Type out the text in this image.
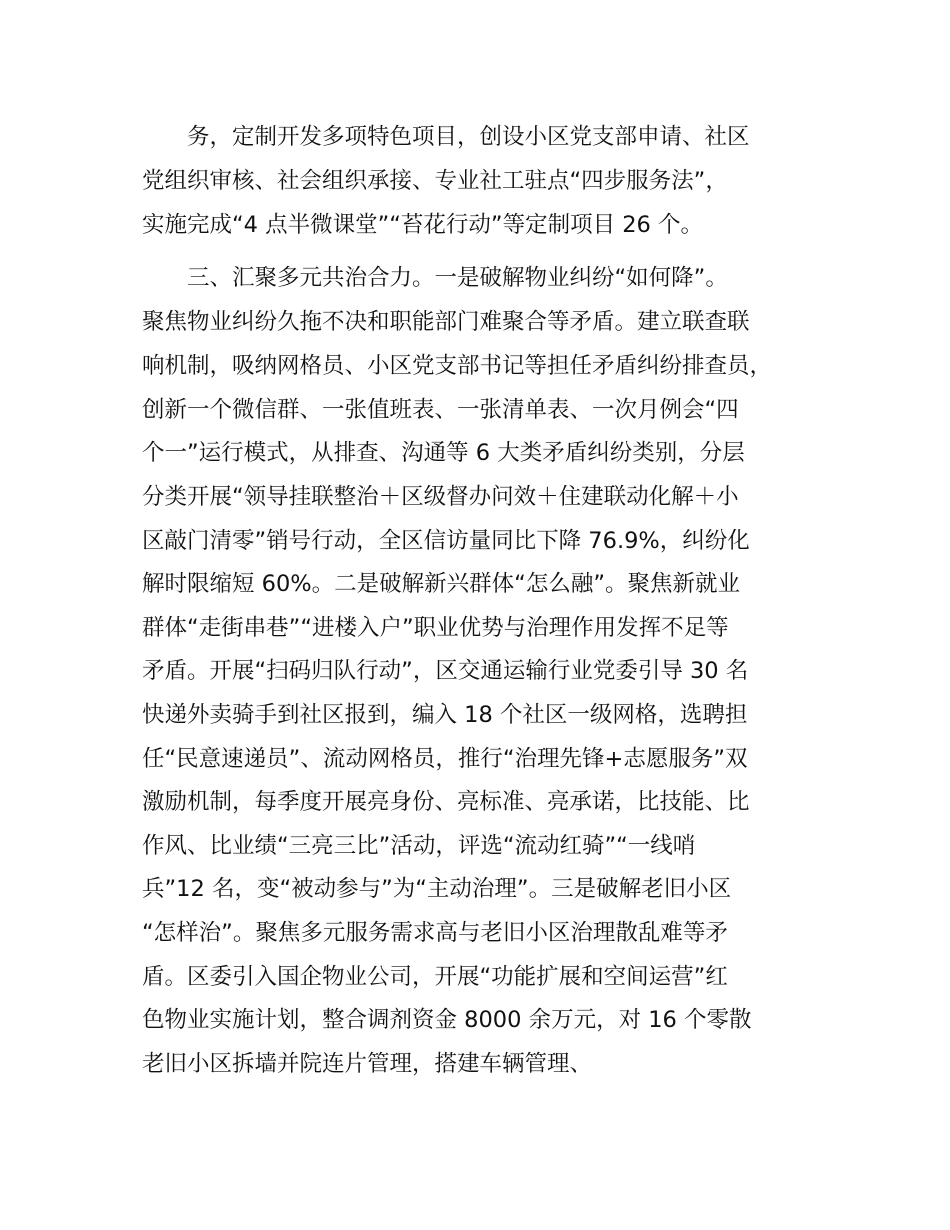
务，定制开发多项特色项目，创设小区党支部申请、社区
党组织审核、社会组织承接、专业社工驻点“四步服务法”，
实施完成“4 点半微课堂”“苔花行动”等定制项目 26 个。
三、汇聚多元共治合力。一是破解物业纠纷“如何降”。
聚焦物业纠纷久拖不决和职能部门难聚合等矛盾。建立联查联
响机制，吸纳网格员、小区党支部书记等担任矛盾纠纷排查员，
创新一个微信群、一张值班表、一张清单表、一次月例会“四
个一”运行模式，从排查、沟通等 6 大类矛盾纠纷类别，分层
分类开展“领导挂联整治＋区级督办问效＋住建联动化解＋小
区敲门清零”销号行动，全区信访量同比下降 76.9%，纠纷化
解时限缩短 60%。二是破解新兴群体“怎么融”。聚焦新就业
群体“走街串巷”“进楼入户”职业优势与治理作用发挥不足等
矛盾。开展“扫码归队行动”，区交通运输行业党委引导 30 名
快递外卖骑手到社区报到，编入 18 个社区一级网格，选聘担
任“民意速递员”、流动网格员，推行“治理先锋+志愿服务”双
激励机制，每季度开展亮身份、亮标准、亮承诺，比技能、比
作风、比业绩“三亮三比”活动，评选“流动红骑”“一线哨
兵”12 名，变“被动参与”为“主动治理”。三是破解老旧小区
“怎样治”。聚焦多元服务需求高与老旧小区治理散乱难等矛
盾。区委引入国企物业公司，开展“功能扩展和空间运营”红
色物业实施计划，整合调剂资金 8000 余万元，对 16 个零散
老旧小区拆墙并院连片管理，搭建车辆管理、
